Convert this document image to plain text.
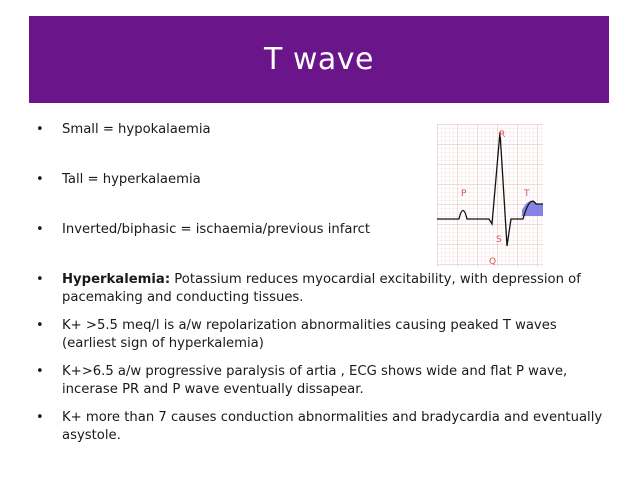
T wave
• Small = hypokalaemia
• Tall = hyperkalaemia
• Inverted/biphasic = ischaemia/previous infarct
• Hyperkalemia: Potassium reduces myocardial excitability, with depression of pacemaking and conducting tissues.
• K+ >5.5 meq/l is a/w repolarization abnormalities causing peaked T waves (earliest sign of hyperkalemia)
• K+>6.5 a/w progressive paralysis of artia , ECG shows wide and flat P wave, incerase PR and P wave eventually dissapear.
• K+ more than 7 causes conduction abnormalities and bradycardia and eventually asystole.
R
P	T
S
Q
